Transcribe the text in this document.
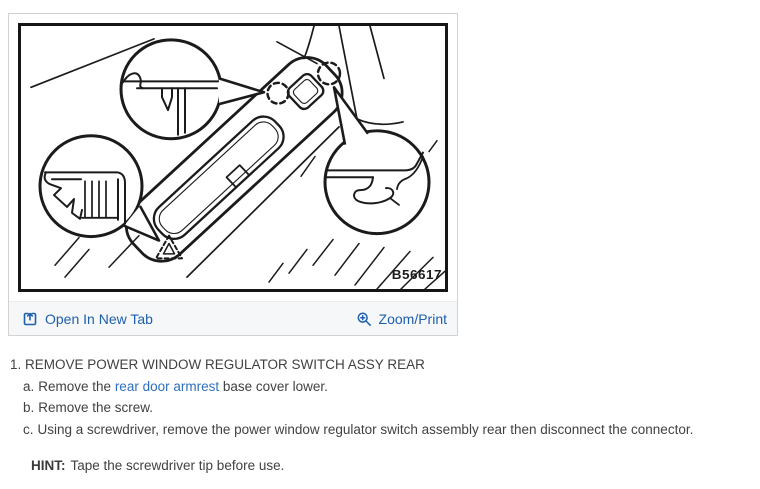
B56617
Open In New Tab	Zoom/Print
1. REMOVE POWER WINDOW REGULATOR SWITCH ASSY REAR
a. Remove the rear door armrest base cover lower.
b. Remove the screw.
c. Using a screwdriver, remove the power window regulator switch assembly rear then disconnect the connector.
HINT: Tape the screwdriver tip before use.
